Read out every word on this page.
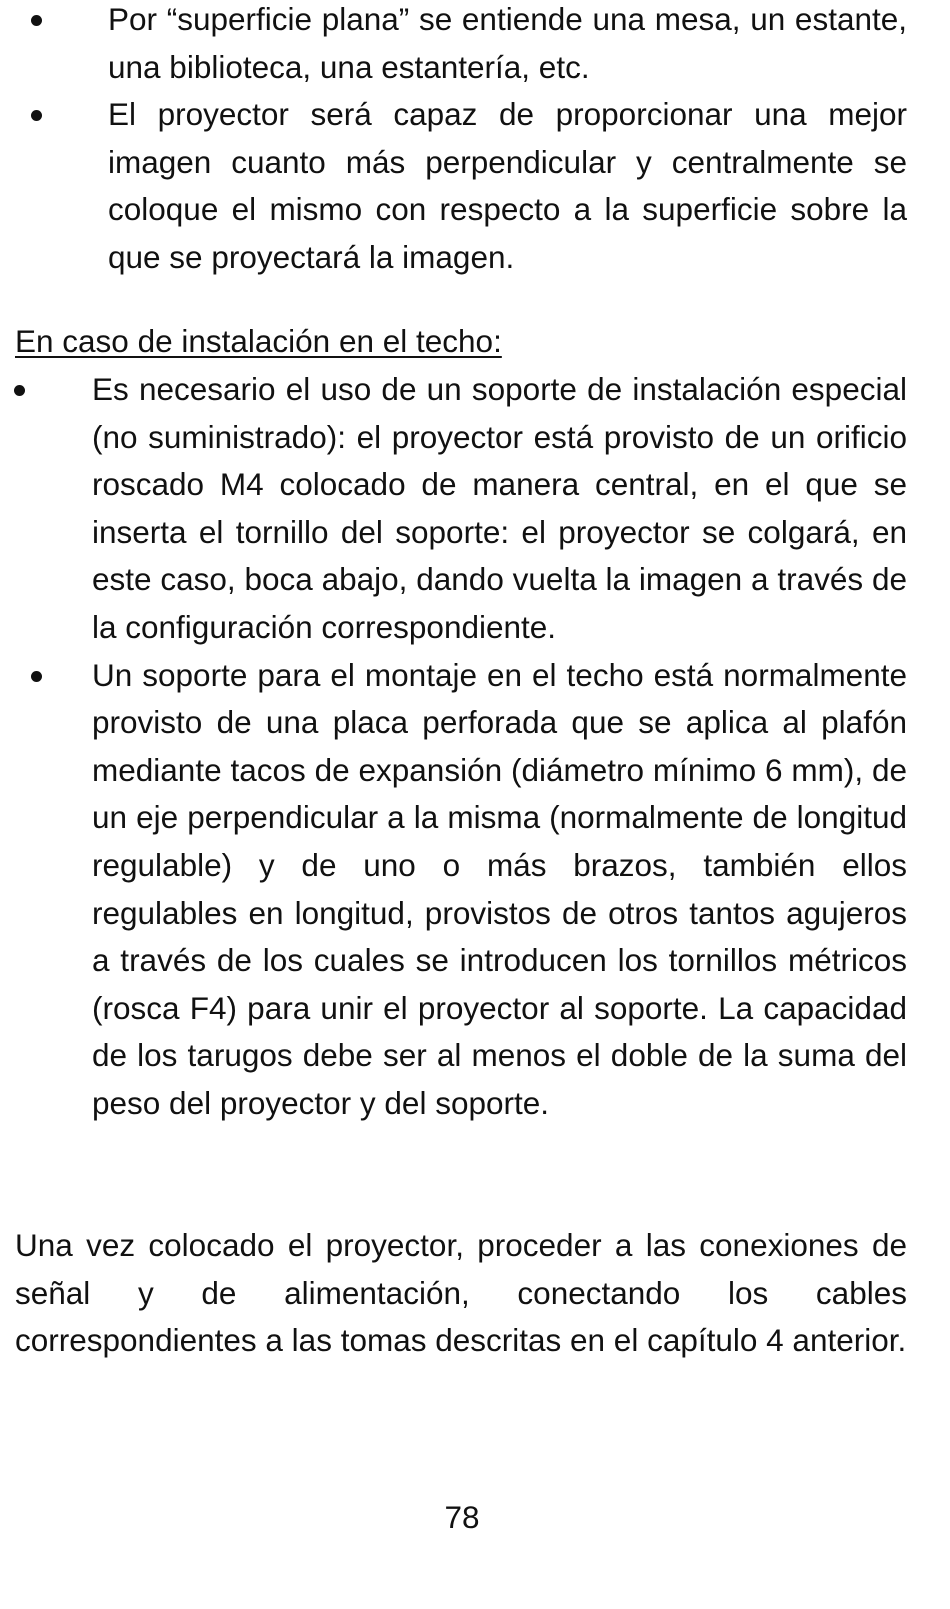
Por “superficie plana” se entiende una mesa, un estante, una biblioteca, una estantería, etc.

El proyector será capaz de proporcionar una mejor imagen cuanto más perpendicular y centralmente se coloque el mismo con respecto a la superficie sobre la que se proyectará la imagen.

En caso de instalación en el techo:

Es necesario el uso de un soporte de instalación especial (no suministrado): el proyector está provisto de un orificio roscado M4 colocado de manera central, en el que se inserta el tornillo del soporte: el proyector se colgará, en este caso, boca abajo, dando vuelta la imagen a través de la configuración correspondiente.

Un soporte para el montaje en el techo está normalmente provisto de una placa perforada que se aplica al plafón mediante tacos de expansión (diámetro mínimo 6 mm), de un eje perpendicular a la misma (normalmente de longitud regulable) y de uno o más brazos, también ellos regulables en longitud, provistos de otros tantos agujeros a través de los cuales se introducen los tornillos métricos (rosca F4) para unir el proyector al soporte. La capacidad de los tarugos debe ser al menos el doble de la suma del peso del proyector y del soporte.

Una vez colocado el proyector, proceder a las conexiones de señal y de alimentación, conectando los cables correspondientes a las tomas descritas en el capítulo 4 anterior.

78
